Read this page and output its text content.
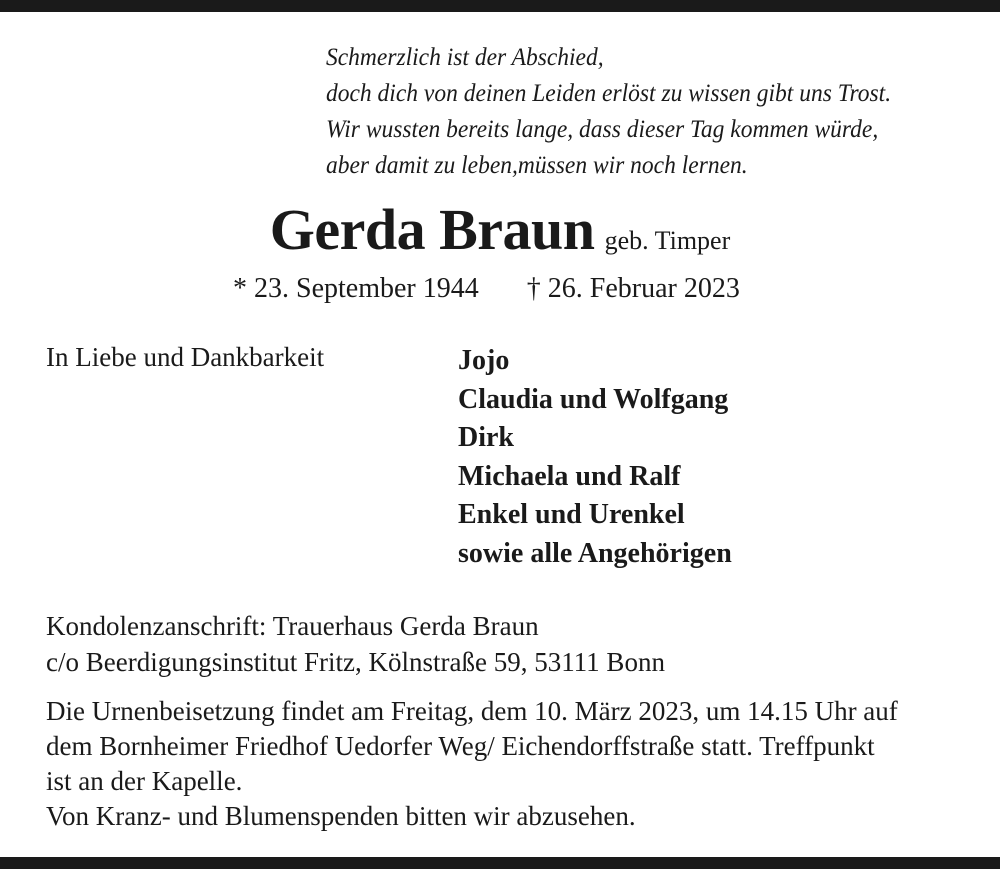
Schmerzlich ist der Abschied,
doch dich von deinen Leiden erlöst zu wissen gibt uns Trost.
Wir wussten bereits lange, dass dieser Tag kommen würde,
aber damit zu leben,müssen wir noch lernen.
Gerda Braun geb. Timper
* 23. September 1944 † 26. Februar 2023
In Liebe und Dankbarkeit	Jojo
Claudia und Wolfgang
Dirk
Michaela und Ralf
Enkel und Urenkel
sowie alle Angehörigen
Kondolenzanschrift: Trauerhaus Gerda Braun
c/o Beerdigungsinstitut Fritz, Kölnstraße 59, 53111 Bonn
Die Urnenbeisetzung findet am Freitag, dem 10. März 2023, um 14.15 Uhr auf
dem Bornheimer Friedhof Uedorfer Weg/ Eichendorffstraße statt. Treffpunkt
ist an der Kapelle.
Von Kranz- und Blumenspenden bitten wir abzusehen.
